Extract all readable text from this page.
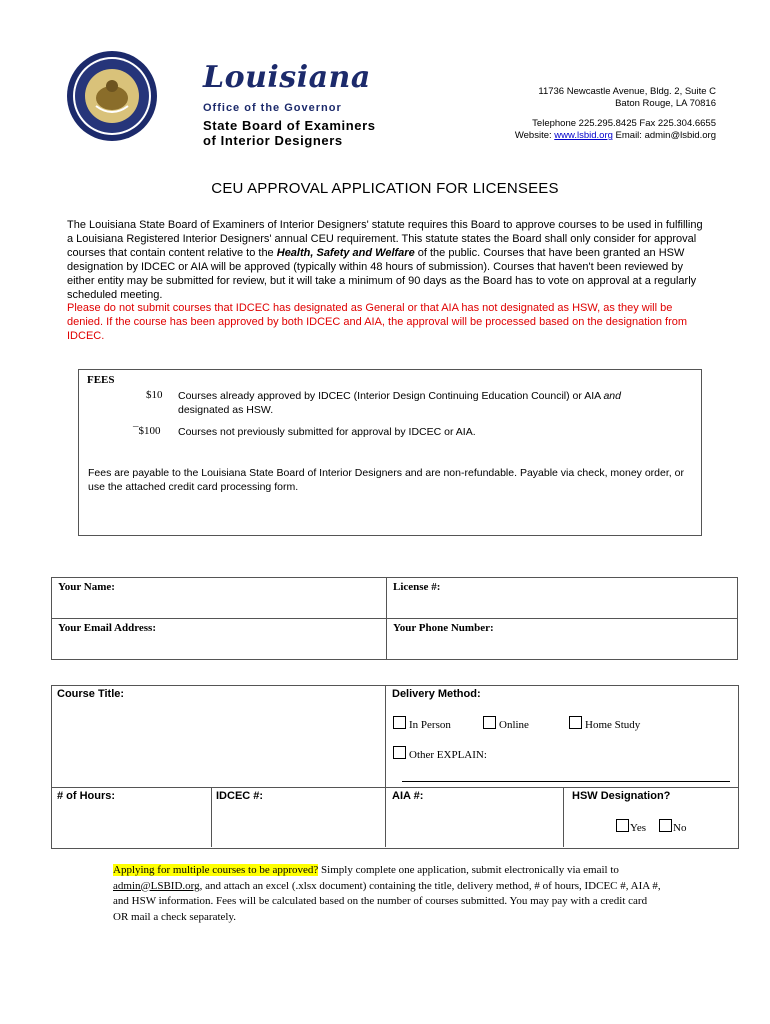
Louisiana
Office of the Governor
State Board of Examiners
of Interior Designers
11736 Newcastle Avenue, Bldg. 2, Suite C
Baton Rouge, LA 70816
Telephone 225.295.8425 Fax 225.304.6655
Website: www.lsbid.org Email: admin@lsbid.org
CEU APPROVAL APPLICATION FOR LICENSEES
The Louisiana State Board of Examiners of Interior Designers' statute requires this Board to approve courses to be used in fulfilling a Louisiana Registered Interior Designers' annual CEU requirement. This statute states the Board shall only consider for approval courses that contain content relative to the Health, Safety and Welfare of the public. Courses that have been granted an HSW designation by IDCEC or AIA will be approved (typically within 48 hours of submission). Courses that haven't been reviewed by either entity may be submitted for review, but it will take a minimum of 90 days as the Board has to vote on approval at a regularly scheduled meeting.
Please do not submit courses that IDCEC has designated as General or that AIA has not designated as HSW, as they will be denied. If the course has been approved by both IDCEC and AIA, the approval will be processed based on the designation from IDCEC.
FEES
$10 Courses already approved by IDCEC (Interior Design Continuing Education Council) or AIA and
designated as HSW.
¯$100 Courses not previously submitted for approval by IDCEC or AIA.
Fees are payable to the Louisiana State Board of Interior Designers and are non-refundable. Payable via check, money order, or use the attached credit card processing form.
Your Name:	License #:
Your Email Address:	Your Phone Number:
Course Title:	Delivery Method:
In Person	Online	Home Study
Other EXPLAIN:
# of Hours:	IDCEC #:	AIA #:	HSW Designation?
Yes	No
Applying for multiple courses to be approved? Simply complete one application, submit electronically via email to admin@LSBID.org, and attach an excel (.xlsx document) containing the title, delivery method, # of hours, IDCEC #, AIA #, and HSW information. Fees will be calculated based on the number of courses submitted. You may pay with a credit card OR mail a check separately.
